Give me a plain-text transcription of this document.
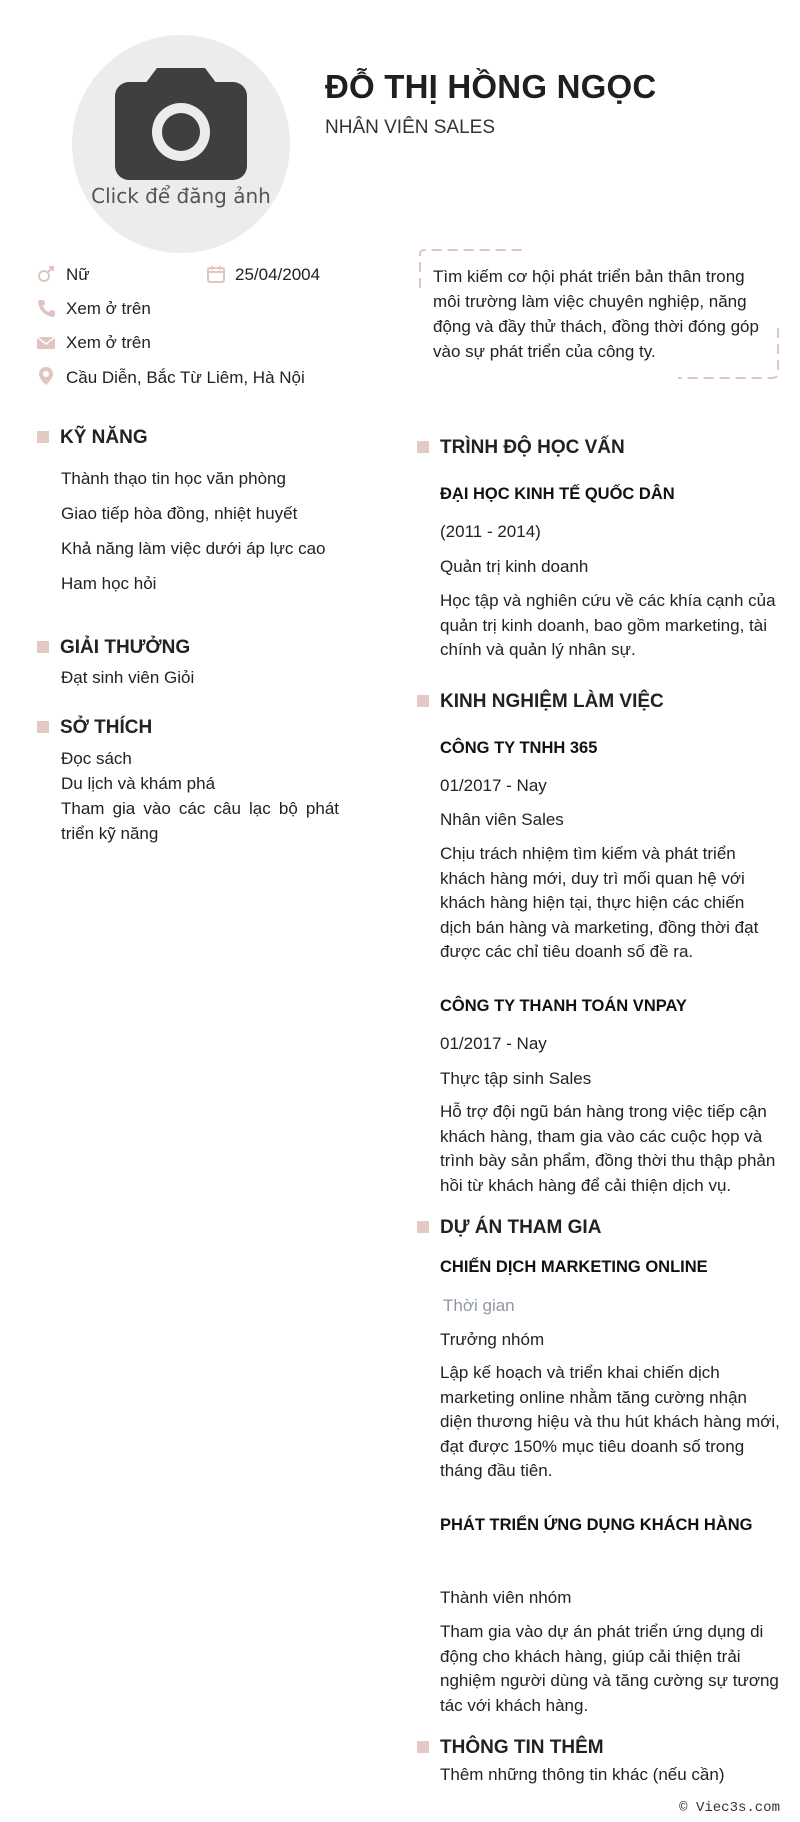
Click để đăng ảnh
ĐỖ THỊ HỒNG NGỌC
NHÂN VIÊN SALES
Nữ	25/04/2004
Xem ở trên
Xem ở trên
Cầu Diễn, Bắc Từ Liêm, Hà Nội
Tìm kiếm cơ hội phát triển bản thân trong môi trường làm việc chuyên nghiệp, năng động và đầy thử thách, đồng thời đóng góp vào sự phát triển của công ty.
KỸ NĂNG
Thành thạo tin học văn phòng
Giao tiếp hòa đồng, nhiệt huyết
Khả năng làm việc dưới áp lực cao
Ham học hỏi
GIẢI THƯỞNG
Đạt sinh viên Giỏi
SỞ THÍCH
Đọc sách
Du lịch và khám phá
Tham gia vào các câu lạc bộ phát triển kỹ năng
TRÌNH ĐỘ HỌC VẤN
ĐẠI HỌC KINH TẾ QUỐC DÂN
(2011 - 2014)
Quản trị kinh doanh
Học tập và nghiên cứu về các khía cạnh của quản trị kinh doanh, bao gồm marketing, tài chính và quản lý nhân sự.
KINH NGHIỆM LÀM VIỆC
CÔNG TY TNHH 365
01/2017 - Nay
Nhân viên Sales
Chịu trách nhiệm tìm kiếm và phát triển khách hàng mới, duy trì mối quan hệ với khách hàng hiện tại, thực hiện các chiến dịch bán hàng và marketing, đồng thời đạt được các chỉ tiêu doanh số đề ra.
CÔNG TY THANH TOÁN VNPAY
01/2017 - Nay
Thực tập sinh Sales
Hỗ trợ đội ngũ bán hàng trong việc tiếp cận khách hàng, tham gia vào các cuộc họp và trình bày sản phẩm, đồng thời thu thập phản hồi từ khách hàng để cải thiện dịch vụ.
DỰ ÁN THAM GIA
CHIẾN DỊCH MARKETING ONLINE
Thời gian
Trưởng nhóm
Lập kế hoạch và triển khai chiến dịch marketing online nhằm tăng cường nhận diện thương hiệu và thu hút khách hàng mới, đạt được 150% mục tiêu doanh số trong tháng đầu tiên.
PHÁT TRIỂN ỨNG DỤNG KHÁCH HÀNG
Thành viên nhóm
Tham gia vào dự án phát triển ứng dụng di động cho khách hàng, giúp cải thiện trải nghiệm người dùng và tăng cường sự tương tác với khách hàng.
THÔNG TIN THÊM
Thêm những thông tin khác (nếu cần)
© Viec3s.com
